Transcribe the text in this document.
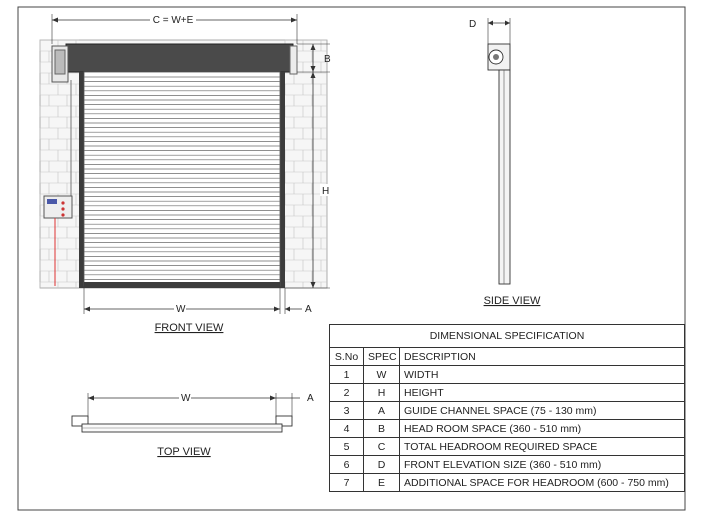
C = W+E
B
H
W	A
FRONT VIEW
D
SIDE VIEW
W	A
TOP VIEW
DIMENSIONAL SPECIFICATION		
S.No	SPEC	DESCRIPTION
1	W	WIDTH
2	H	HEIGHT
3	A	GUIDE CHANNEL SPACE (75 - 130 mm)
4	B	HEAD ROOM SPACE (360 - 510 mm)
5	C	TOTAL HEADROOM REQUIRED SPACE
6	D	FRONT ELEVATION SIZE (360 - 510 mm)
7	E	ADDITIONAL SPACE FOR HEADROOM (600 - 750 mm)
